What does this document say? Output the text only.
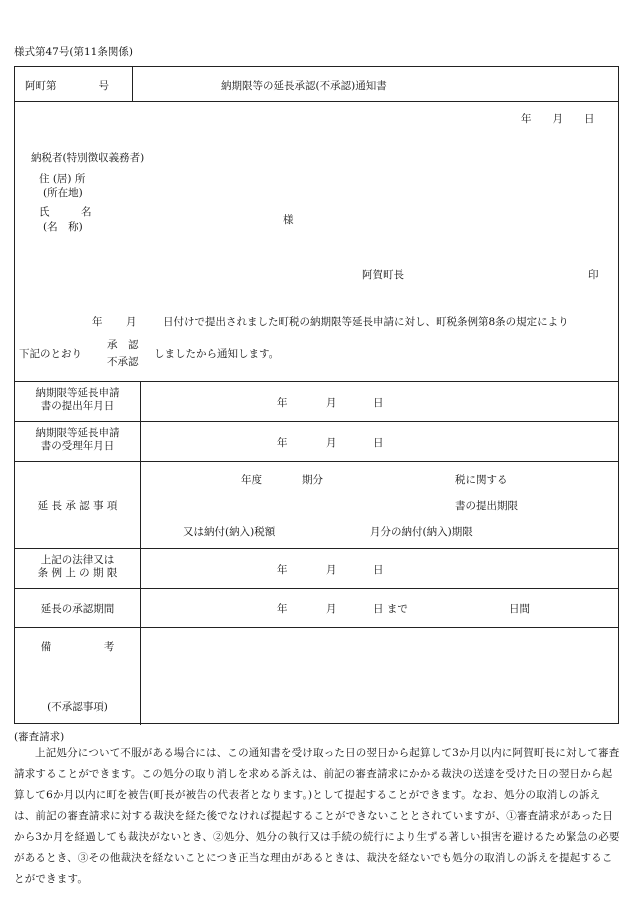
様式第47号(第11条関係)
阿町第　　　　号	納期限等の延長承認(不承認)通知書
年　　月　　日
納税者(特別徴収義務者)
住 (居) 所
(所在地)
氏　　　名
(名　称)
様
阿賀町長	印
年 月	日付けで提出されました町税の納期限等延長申請に対し、町税条例第8条の規定により
下記のとおり
承　認
不承認
しましたから通知します。
納期限等延長申請
書の提出年月日	年	月	日
納期限等延長申請
書の受理年月日	年	月	日
延 長 承 認 事 項
年度	期分	税に関する
書の提出期限
又は納付(納入)税額	月分の納付(納入)期限
上記の法律又は
条 例 上 の 期 限	年	月	日
延長の承認期間	年	月	日 まで	日間
備　　　　　考
(不承認事項)
(審査請求)
上記処分について不服がある場合には、この通知書を受け取った日の翌日から起算して3か月以内に阿賀町長に対して審査請求することができます。この処分の取り消しを求める訴えは、前記の審査請求にかかる裁決の送達を受けた日の翌日から起算して6か月以内に町を被告(町長が被告の代表者となります。)として提起することができます。なお、処分の取消しの訴えは、前記の審査請求に対する裁決を経た後でなければ提起することができないこととされていますが、①審査請求があった日から3か月を経過しても裁決がないとき、②処分、処分の執行又は手続の続行により生ずる著しい損害を避けるため緊急の必要があるとき、③その他裁決を経ないことにつき正当な理由があるときは、裁決を経ないでも処分の取消しの訴えを提起することができます。
